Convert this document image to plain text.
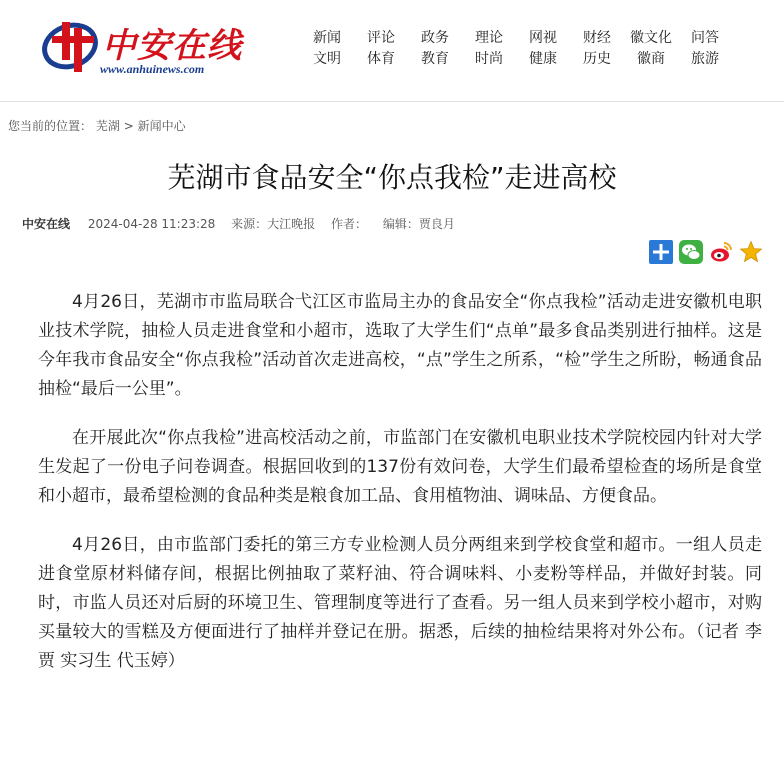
中安在线
www.anhuinews.com
新闻	评论	政务	理论	网视	财经	徽文化	问答
文明	体育	教育	时尚	健康	历史	徽商	旅游
您当前的位置： 芜湖 > 新闻中心
芜湖市食品安全“你点我检”走进高校
中安在线 2024-04-28 11:23:28 来源：大江晚报 作者： 编辑：贾良月

4月26日，芜湖市市监局联合弋江区市监局主办的食品安全“你点我检”活动走进安徽机电职业技术学院，抽检人员走进食堂和小超市，选取了大学生们“点单”最多食品类别进行抽样。这是今年我市食品安全“你点我检”活动首次走进高校，“点”学生之所系，“检”学生之所盼，畅通食品抽检“最后一公里”。

在开展此次“你点我检”进高校活动之前，市监部门在安徽机电职业技术学院校园内针对大学生发起了一份电子问卷调查。根据回收到的137份有效问卷，大学生们最希望检查的场所是食堂和小超市，最希望检测的食品种类是粮食加工品、食用植物油、调味品、方便食品。

4月26日，由市监部门委托的第三方专业检测人员分两组来到学校食堂和超市。一组人员走进食堂原材料储存间，根据比例抽取了菜籽油、符合调味料、小麦粉等样品，并做好封装。同时，市监人员还对后厨的环境卫生、管理制度等进行了查看。另一组人员来到学校小超市，对购买量较大的雪糕及方便面进行了抽样并登记在册。据悉，后续的抽检结果将对外公布。（记者 李贾 实习生 代玉婷）
